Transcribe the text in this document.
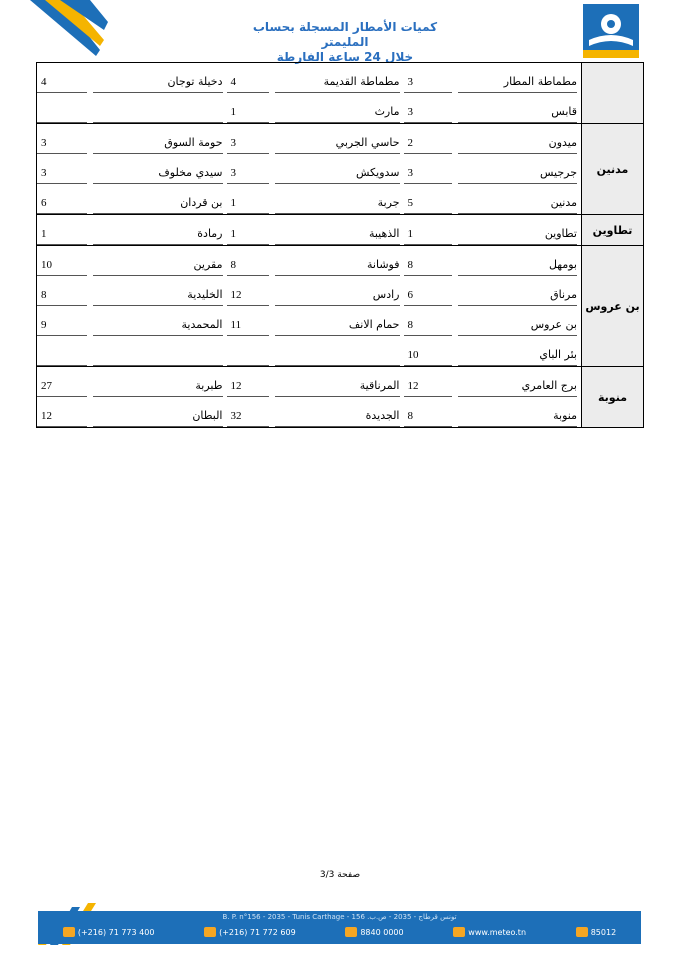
كميات الأمطار المسجلة بحساب المليمتر
خلال 24 ساعة الفارطة

	مطماطة المطار	3	مطماطة القديمة	4	دخيلة توجان	4

	قابس	3	مارث	1		

مدنين	ميدون	2	حاسي الجربي	3	حومة السوق	3

	جرجيس	3	سدويكش	3	سيدي مخلوف	3

	مدنين	5	جربة	1	بن قردان	6

تطاوين	تطاوين	1	الذهيبة	1	رمادة	1

بن عروس	بومهل	8	فوشانة	8	مقرين	10

	مرناق	6	رادس	12	الخليدية	8

	بن عروس	8	حمام الانف	11	المحمدية	9

	بئر الباي	10				

منوبة	برج العامري	12	المرناقية	12	طبربة	27

	منوبة	8	الجديدة	32	البطان	12
صفحة 3/3
B. P. n°156 - 2035 - Tunis Carthage - تونس قرطاج - 2035 - ص.ب. 156
(+216) 71 773 400	(+216) 71 772 609	8840 0000	www.meteo.tn	85012
